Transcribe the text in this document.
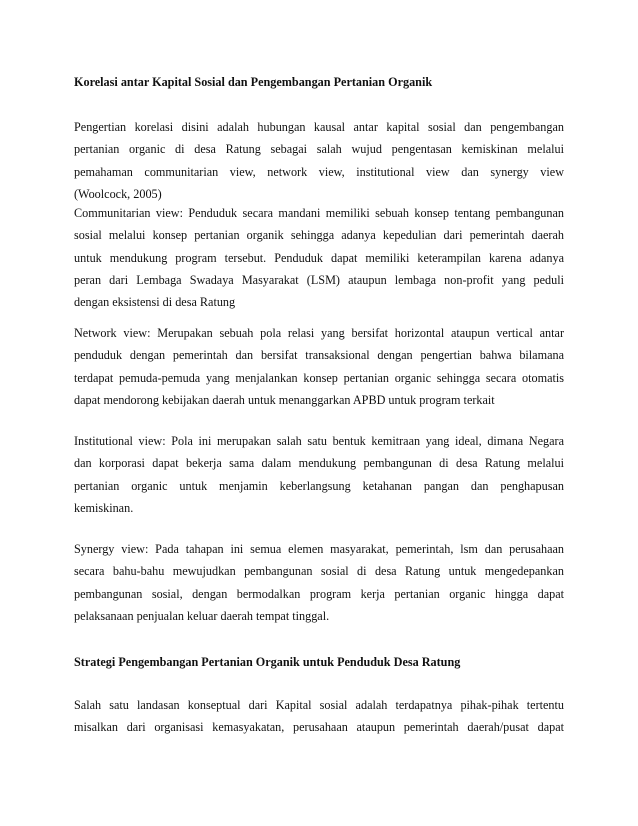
Korelasi antar Kapital Sosial dan Pengembangan Pertanian Organik
Pengertian korelasi disini adalah hubungan kausal antar kapital sosial dan pengembangan
pertanian organic di desa Ratung sebagai salah wujud pengentasan kemiskinan melalui
pemahaman communitarian view, network view, institutional view dan synergy view
(Woolcock, 2005)
Communitarian view: Penduduk secara mandani memiliki sebuah konsep tentang pembangunan
sosial melalui konsep pertanian organik sehingga adanya kepedulian dari pemerintah daerah
untuk mendukung program tersebut. Penduduk dapat memiliki keterampilan karena adanya
peran dari Lembaga Swadaya Masyarakat (LSM) ataupun lembaga non-profit yang peduli
dengan eksistensi di desa Ratung
Network view: Merupakan sebuah pola relasi yang bersifat horizontal ataupun vertical antar
penduduk dengan pemerintah dan bersifat transaksional dengan pengertian bahwa bilamana
terdapat pemuda-pemuda yang menjalankan konsep pertanian organic sehingga secara otomatis
dapat mendorong kebijakan daerah untuk menanggarkan APBD untuk program terkait
Institutional view: Pola ini merupakan salah satu bentuk kemitraan yang ideal, dimana Negara
dan korporasi dapat bekerja sama dalam mendukung pembangunan di desa Ratung melalui
pertanian organic untuk menjamin keberlangsung ketahanan pangan dan penghapusan
kemiskinan.
Synergy view: Pada tahapan ini semua elemen masyarakat, pemerintah, lsm dan perusahaan
secara bahu-bahu mewujudkan pembangunan sosial di desa Ratung untuk mengedepankan
pembangunan sosial, dengan bermodalkan program kerja pertanian organic hingga dapat
pelaksanaan penjualan keluar daerah tempat tinggal.
Strategi Pengembangan Pertanian Organik untuk Penduduk Desa Ratung
Salah satu landasan konseptual dari Kapital sosial adalah terdapatnya pihak-pihak tertentu
misalkan dari organisasi kemasyakatan, perusahaan ataupun pemerintah daerah/pusat dapat
